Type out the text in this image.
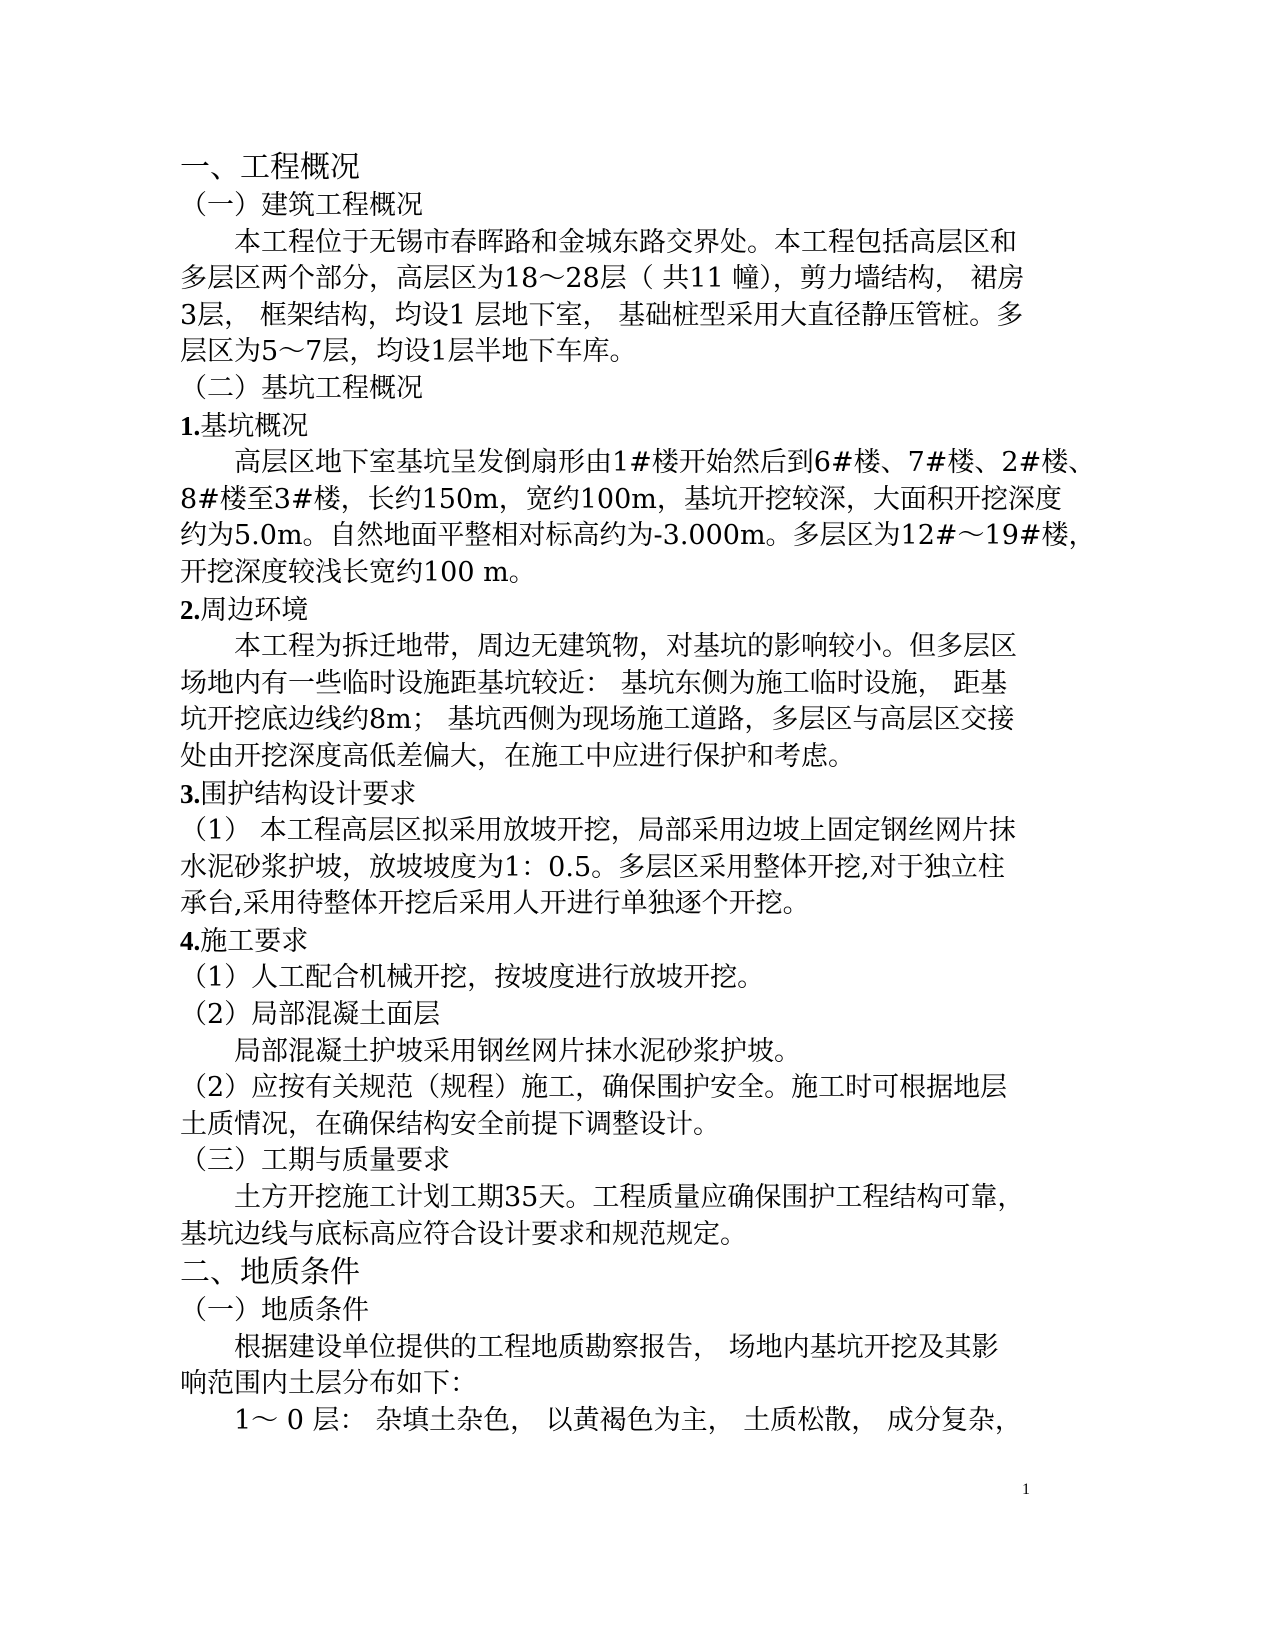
一、工程概况

（一）建筑工程概况

本工程位于无锡市春晖路和金城东路交界处。本工程包括高层区和

多层区两个部分，高层区为18～28层（ 共11 幢），剪力墙结构， 裙房

3层， 框架结构，均设1 层地下室， 基础桩型采用大直径静压管桩。多

层区为5～7层，均设1层半地下车库。

（二）基坑工程概况

1.基坑概况

高层区地下室基坑呈发倒扇形由1#楼开始然后到6#楼、7#楼、2#楼、

8#楼至3#楼，长约150m，宽约100m，基坑开挖较深，大面积开挖深度

约为5.0m。自然地面平整相对标高约为-3.000m。多层区为12#～19#楼，

开挖深度较浅长宽约100 m。

2.周边环境

本工程为拆迁地带，周边无建筑物，对基坑的影响较小。但多层区

场地内有一些临时设施距基坑较近： 基坑东侧为施工临时设施， 距基

坑开挖底边线约8m； 基坑西侧为现场施工道路，多层区与高层区交接

处由开挖深度高低差偏大，在施工中应进行保护和考虑。

3.围护结构设计要求

（1） 本工程高层区拟采用放坡开挖，局部采用边坡上固定钢丝网片抹

水泥砂浆护坡，放坡坡度为1：0.5。多层区采用整体开挖,对于独立柱

承台,采用待整体开挖后采用人开进行单独逐个开挖。

4.施工要求

（1）人工配合机械开挖，按坡度进行放坡开挖。

（2）局部混凝土面层

局部混凝土护坡采用钢丝网片抹水泥砂浆护坡。

（2）应按有关规范（规程）施工，确保围护安全。施工时可根据地层

土质情况，在确保结构安全前提下调整设计。

（三）工期与质量要求

土方开挖施工计划工期35天。工程质量应确保围护工程结构可靠，

基坑边线与底标高应符合设计要求和规范规定。

二、地质条件

（一）地质条件

根据建设单位提供的工程地质勘察报告， 场地内基坑开挖及其影

响范围内土层分布如下：

1～ 0 层： 杂填土杂色， 以黄褐色为主， 土质松散， 成分复杂，

1
